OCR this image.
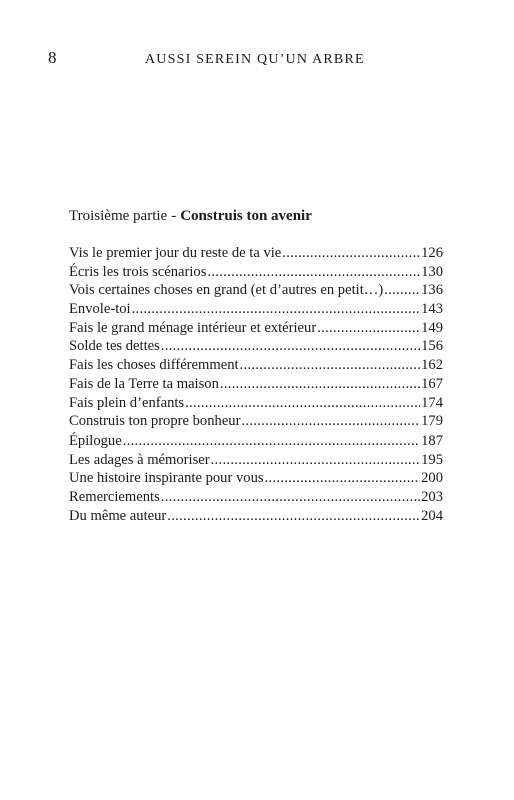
8	AUSSI SEREIN QU’UN ARBRE
Troisième partie - Construis ton avenir
Vis le premier jour du reste de ta vie .....	126
Écris les trois scénarios .....	130
Vois certaines choses en grand (et d’autres en petit…) .....	136
Envole-toi .....	143
Fais le grand ménage intérieur et extérieur .....	149
Solde tes dettes .....	156
Fais les choses différemment .....	162
Fais de la Terre ta maison .....	167
Fais plein d’enfants .....	174
Construis ton propre bonheur .....	179
Épilogue .....	187
Les adages à mémoriser .....	195
Une histoire inspirante pour vous .....	200
Remerciements .....	203
Du même auteur .....	204
